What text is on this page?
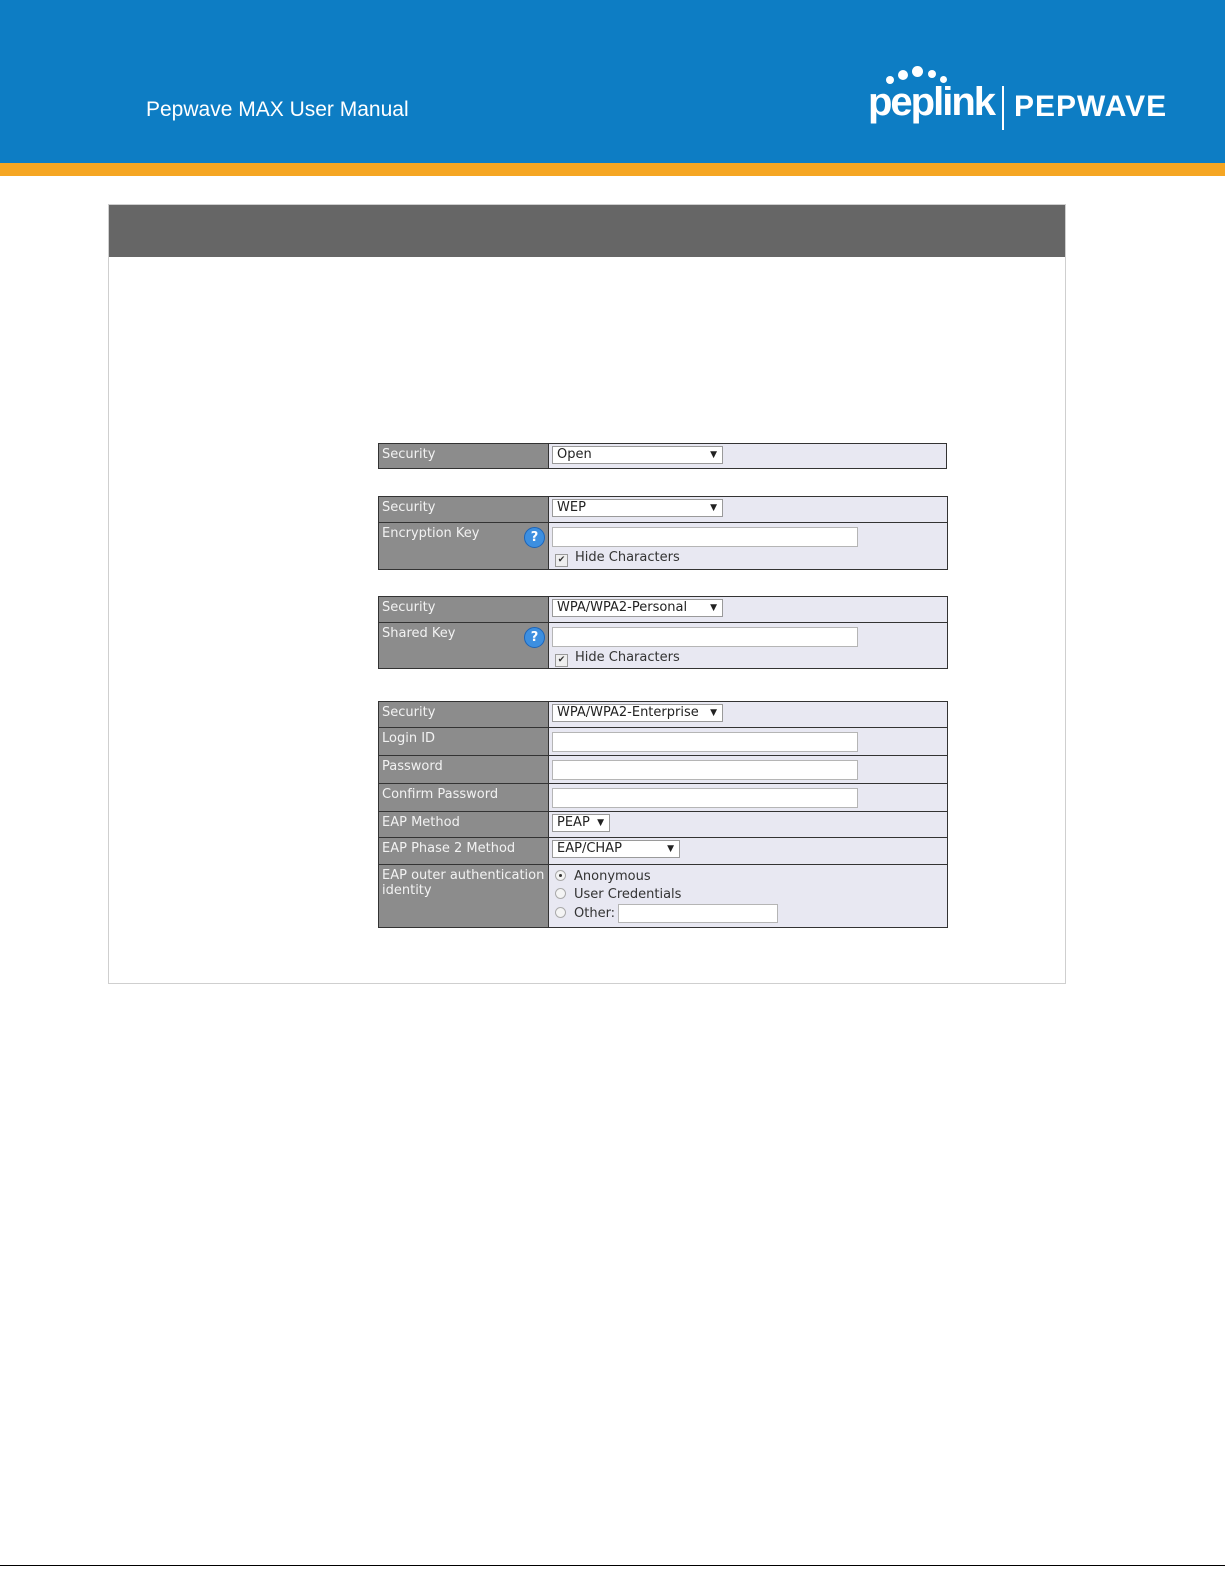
Pepwave MAX User Manual	peplink PEPWAVE
Security	Open	▼
Security	WEP	▼
Encryption Key	?
✔ Hide Characters
Security	WPA/WPA2-Personal	▼
Shared Key	?
✔ Hide Characters
Security	WPA/WPA2-Enterprise ▼
Login ID
Password
Confirm Password
EAP Method	PEAP ▼
EAP Phase 2 Method	EAP/CHAP	▼
EAP outer authentication identity
Anonymous
User Credentials
Other:
